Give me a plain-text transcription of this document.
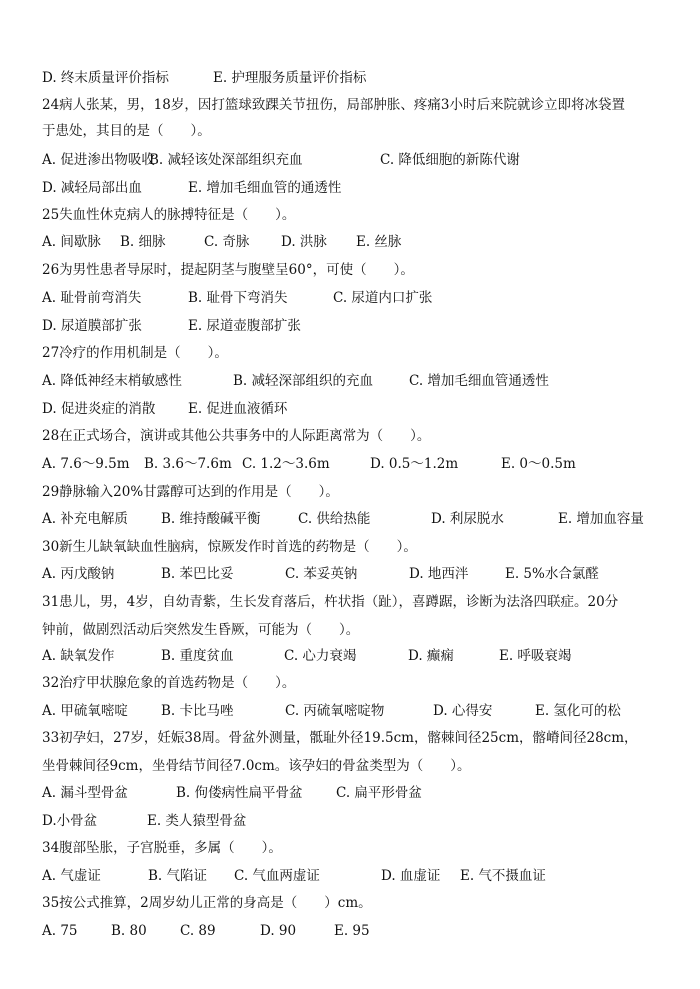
D. 终末质量评价指标	E. 护理服务质量评价指标
24病人张某，男，18岁，因打篮球致踝关节扭伤，局部肿胀、疼痛3小时后来院就诊立即将冰袋置
于患处，其目的是（　　）。
A. 促进渗出物吸收
B. 减轻该处深部组织充血	C. 降低细胞的新陈代谢
D. 减轻局部出血	E. 增加毛细血管的通透性
25失血性休克病人的脉搏特征是（　　）。
A. 间歇脉 B. 细脉	C. 奇脉 D. 洪脉 E. 丝脉
26为男性患者导尿时，提起阴茎与腹壁呈60°，可使（　　）。
A. 耻骨前弯消失	B. 耻骨下弯消失	C. 尿道内口扩张
D. 尿道膜部扩张	E. 尿道壶腹部扩张
27冷疗的作用机制是（　　）。
A. 降低神经末梢敏感性	B. 减轻深部组织的充血	C. 增加毛细血管通透性
D. 促进炎症的消散 E. 促进血液循环
28在正式场合，演讲或其他公共事务中的人际距离常为（　　）。
A. 7.6～9.5m B. 3.6～7.6m C. 1.2～3.6m	D. 0.5～1.2m	E. 0～0.5m
29静脉输入20%甘露醇可达到的作用是（　　）。
A. 补充电解质 B. 维持酸碱平衡	C. 供给热能	D. 利尿脱水	E. 增加血容量
30新生儿缺氧缺血性脑病，惊厥发作时首选的药物是（　　）。
A. 丙戊酸钠	B. 苯巴比妥	C. 苯妥英钠	D. 地西泮	E. 5%水合氯醛
31患儿，男，4岁，自幼青紫，生长发育落后，杵状指（趾），喜蹲踞，诊断为法洛四联症。20分
钟前，做剧烈活动后突然发生昏厥，可能为（　　）。
A. 缺氧发作	B. 重度贫血	C. 心力衰竭	D. 癫痫	E. 呼吸衰竭
32治疗甲状腺危象的首选药物是（　　）。
A. 甲硫氧嘧啶 B. 卡比马唑	C. 丙硫氧嘧啶物	D. 心得安	E. 氢化可的松
33初孕妇，27岁，妊娠38周。骨盆外测量，骶耻外径19.5cm，髂棘间径25cm，髂嵴间径28cm，
坐骨棘间径9cm，坐骨结节间径7.0cm。该孕妇的骨盆类型为（　　）。
A. 漏斗型骨盆	B. 佝偻病性扁平骨盆 C. 扁平形骨盆
D.小骨盆	E. 类人猿型骨盆
34腹部坠胀，子宫脱垂，多属（　　）。
A. 气虚证	B. 气陷证 C. 气血两虚证	D. 血虚证 E. 气不摄血证
35按公式推算，2周岁幼儿正常的身高是（　　）cm。
A. 75 B. 80 C. 89	D. 90	E. 95
